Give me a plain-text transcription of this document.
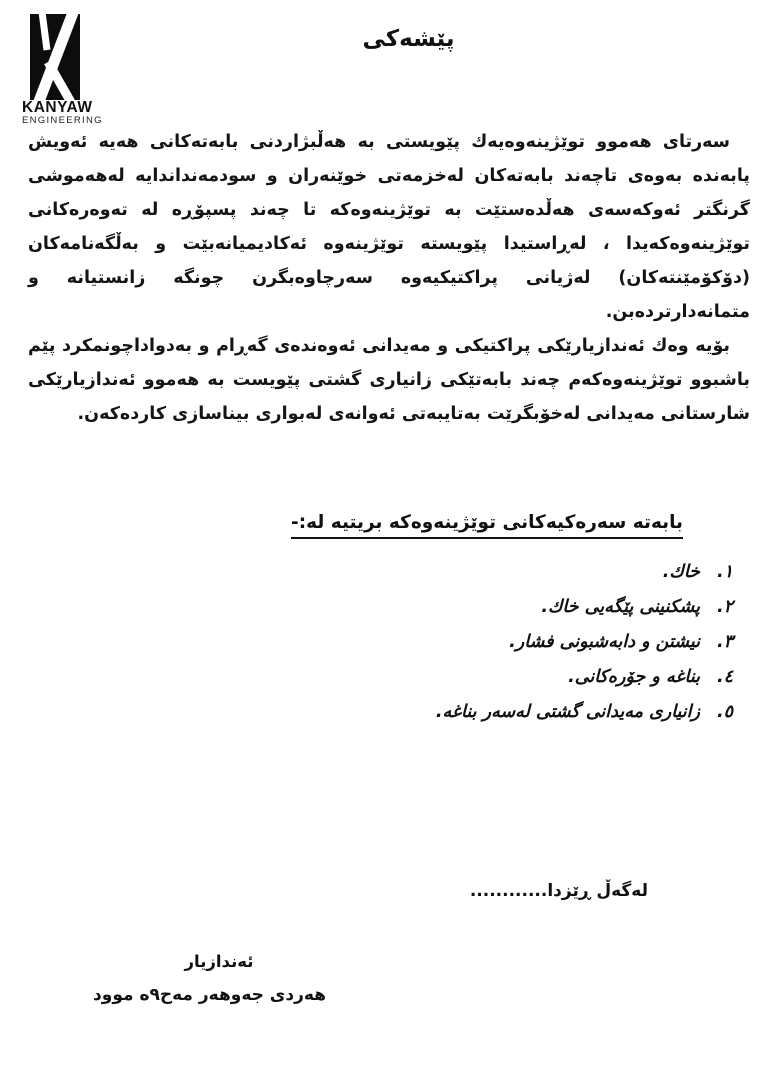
KANYAW
ENGINEERING
پێشەکی

سەرتای هەموو توێژینەوەیەك پێویستی بە هەڵبژاردنی بابەتەکانی هەیە ئەویش پابەندە بەوەی تاچەند بابەتەکان لەخزمەتی خوێنەران و سودمەنداندایە لەهەموشی گرنگتر ئەوکەسەی هەڵدەستێت بە توێژینەوەکە تا چەند پسپۆڕە لە تەوەرەکانی توێژینەوەکەیدا ، لەڕاستیدا پێویستە توێژینەوە ئەکادیمیانەبێت و بەڵگەنامەکان (دۆکۆمێنتەکان) لەژیانی پراکتیکیەوە سەرچاوەبگرن چونگە زانستیانە و متمانەدارتردەبن.

بۆیە وەك ئەندازیارێکی پراکتیکی و مەیدانی ئەوەندەی گەڕام و بەدواداچونمکرد پێم باشبوو توێژینەوەکەم چەند بابەتێکی زانیاری گشتی پێویست بە هەموو ئەندازیارێکی شارستانی مەیدانی لەخۆبگرێت بەتایبەتی ئەوانەی لەبواری بیناسازی کاردەکەن.

بابەتە سەرەکیەکانی توێژینەوەکە بریتیە لە:-
١.
خاك.
٢.
پشکنینی پێگەیی خاك.
٣.
نیشتن و دابەشبونی فشار.
٤.
بناغە و جۆرەکانی.
٥.
زانیاری مەیدانی گشتی لەسەر بناغە.
لەگەڵ ڕێزدا............
ئەندازیار
هەردی جەوهەر مەح٩ە موود
